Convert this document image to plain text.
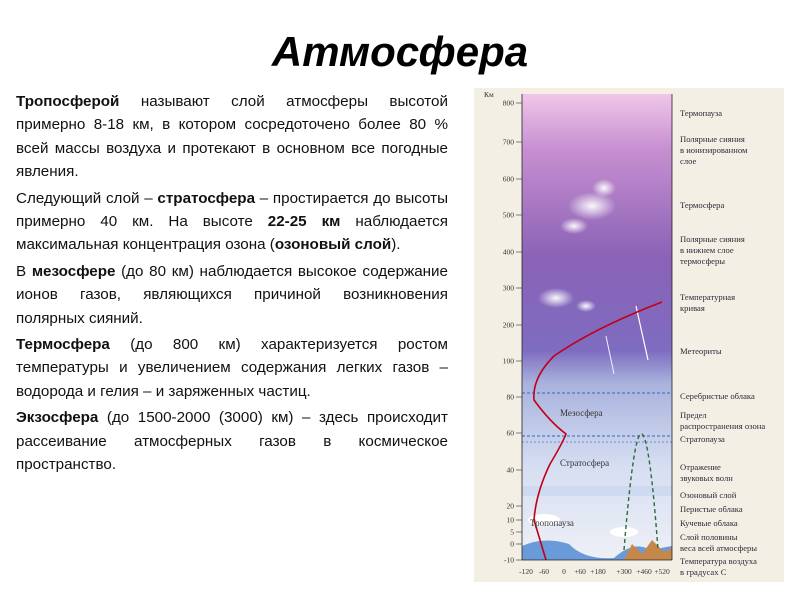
Атмосфера

Тропосферой называют слой атмосферы высотой примерно 8-18 км, в котором сосредоточено более 80 % всей массы воздуха и протекают в основном все погодные явления.

Следующий слой – стратосфера – простирается до высоты примерно 40 км. На высоте 22-25 км наблюдается максимальная концентрация озона (озоновый слой).

В мезосфере (до 80 км) наблюдается высокое содержание ионов газов, являющихся причиной возникновения полярных сияний.

Термосфера (до 800 км) характеризуется ростом температуры и увеличением содержания легких газов – водорода и гелия – и заряженных частиц.

Экзосфера (до 1500-2000 (3000) км) – здесь происходит рассеивание атмосферных газов в космическое пространство.

Км
800
700
600
500
400
300
200
100
80
60
40
20
10
5
0
-10
-120 -60 0 +60 +180 +300 +460 +520
Мезосфера
Стратосфера
Тропопауза
Термопауза
Полярные сияния в ионизированном слое
Термосфера
Полярные сияния в нижнем слое термосферы
Температурная кривая
Метеориты
Серебристые облака
Предел распространения озона
Стратопауза
Отражение звуковых волн
Озоновый слой
Перистые облака
Кучевые облака
Слой половины веса всей атмосферы
Температура воздуха в градусах С
